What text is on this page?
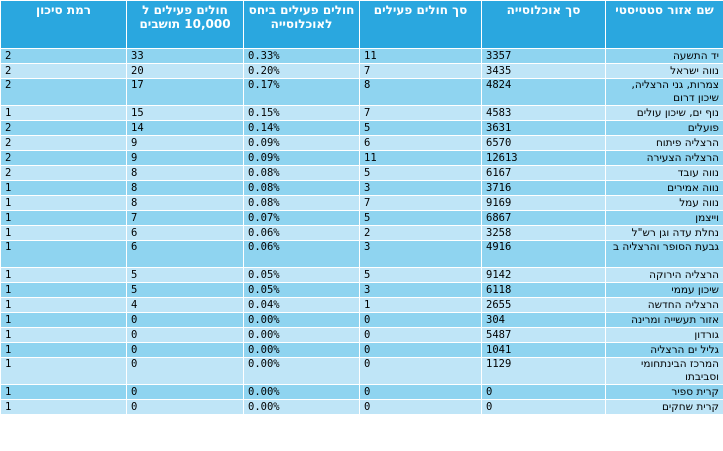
שם אזור סטטיסטי	סך אוכלוסייה	סך חולים פעילים	חולים פעילים ביחס לאוכלוסייה	חולים פעילים ל 10,000 תושבים	רמת סיכון

יד התשעה	3357	11	0.33%	33	2

נווה ישראל	3435	7	0.20%	20	2

צמרות, גני הרצליה, שיכון דרום	4824	8	0.17%	17	2

נוף ים, שיכון עולים	4583	7	0.15%	15	1

פועלים	3631	5	0.14%	14	2

הרצליה פיתוח	6570	6	0.09%	9	2

הרצליה הצעירה	12613	11	0.09%	9	2

נווה עובד	6167	5	0.08%	8	2

נווה אמירים	3716	3	0.08%	8	1

נווה עמל	9169	7	0.08%	8	1

וייצמן	6867	5	0.07%	7	1

נחלת עדה וגן רש"ל	3258	2	0.06%	6	1

גבעת הסופר והרצליה ב	4916	3	0.06%	6	1

הרצליה הירוקה	9142	5	0.05%	5	1

שיכון עממי	6118	3	0.05%	5	1

הרצליה החדשה	2655	1	0.04%	4	1

אזור תעשייה ומרינה	304	0	0.00%	0	1

גורדון	5487	0	0.00%	0	1

גליל ים הרצליה	1041	0	0.00%	0	1

המרכז הבינתחומי וסביבתו	1129	0	0.00%	0	1

קרית ספיר	0	0	0.00%	0	1

קרית שחקים	0	0	0.00%	0	1
